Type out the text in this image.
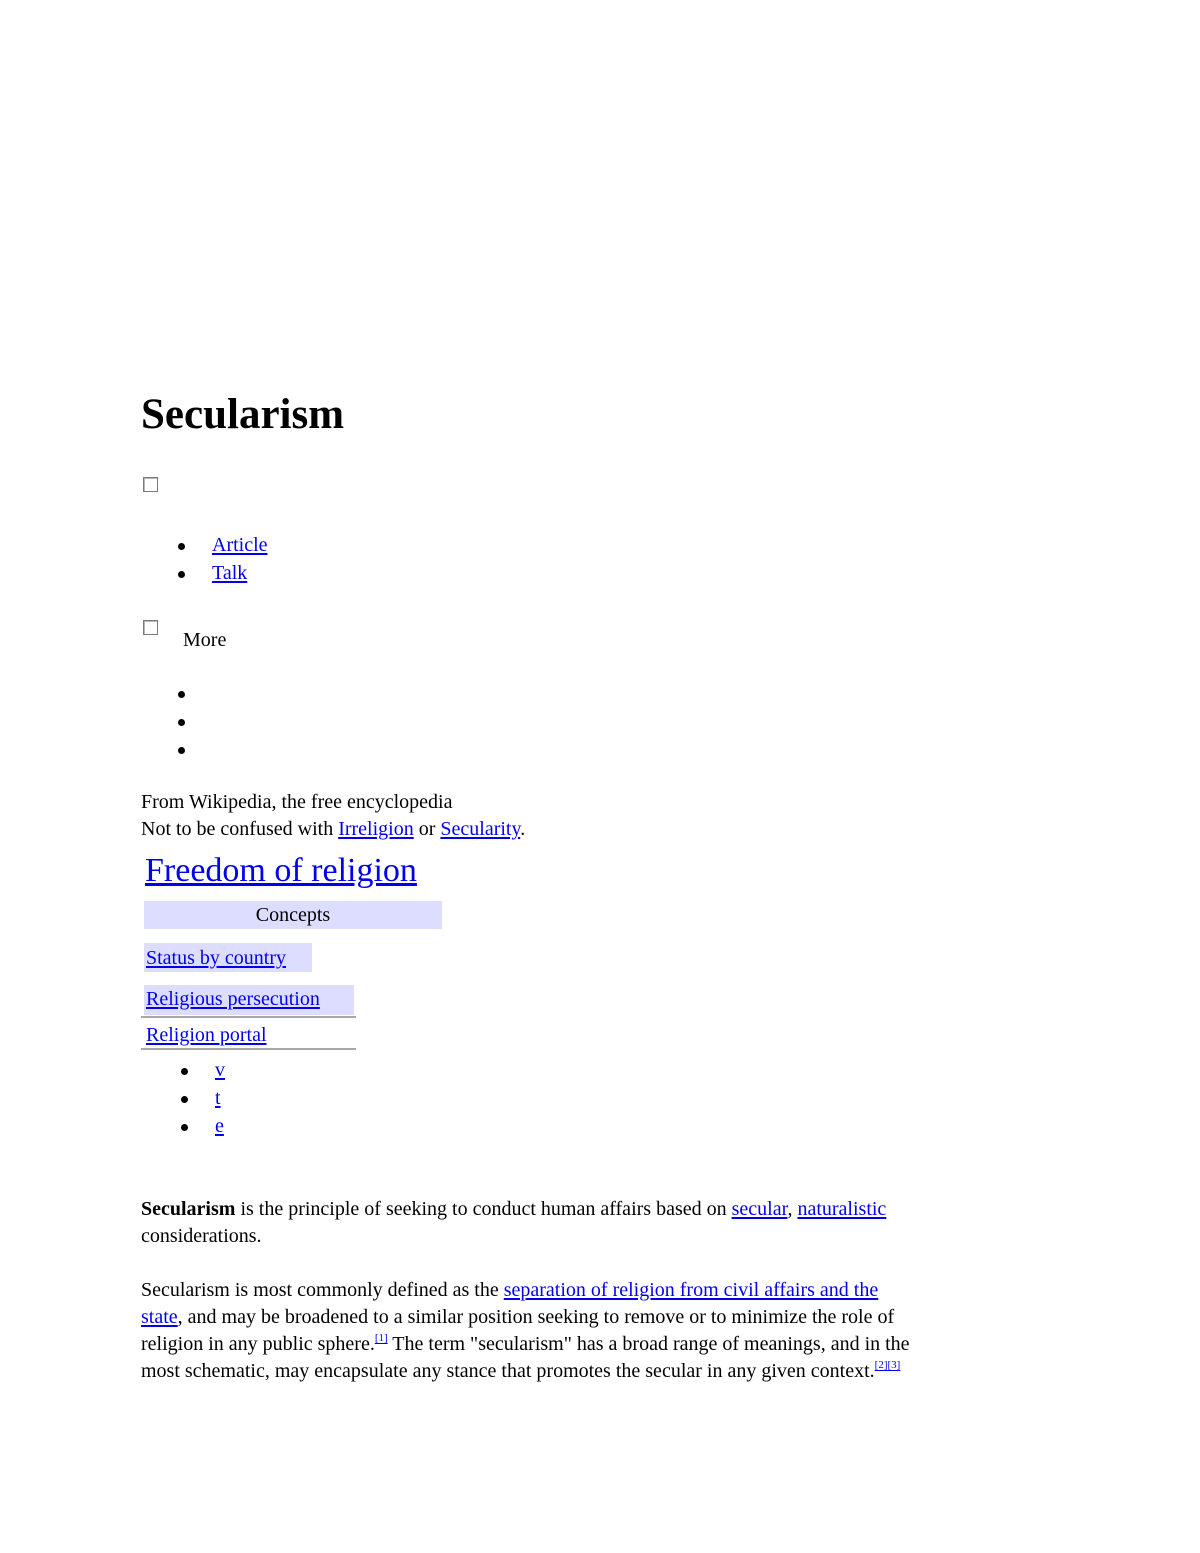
Secularism
Article
Talk
More
From Wikipedia, the free encyclopedia
Not to be confused with Irreligion or Secularity.
Freedom of religion
Concepts
Status by country
Religious persecution
Religion portal
v
t
e
Secularism is the principle of seeking to conduct human affairs based on secular, naturalistic
considerations.
Secularism is most commonly defined as the separation of religion from civil affairs and the
state, and may be broadened to a similar position seeking to remove or to minimize the role of
religion in any public sphere.[1] The term "secularism" has a broad range of meanings, and in the
most schematic, may encapsulate any stance that promotes the secular in any given context.[2][3]
